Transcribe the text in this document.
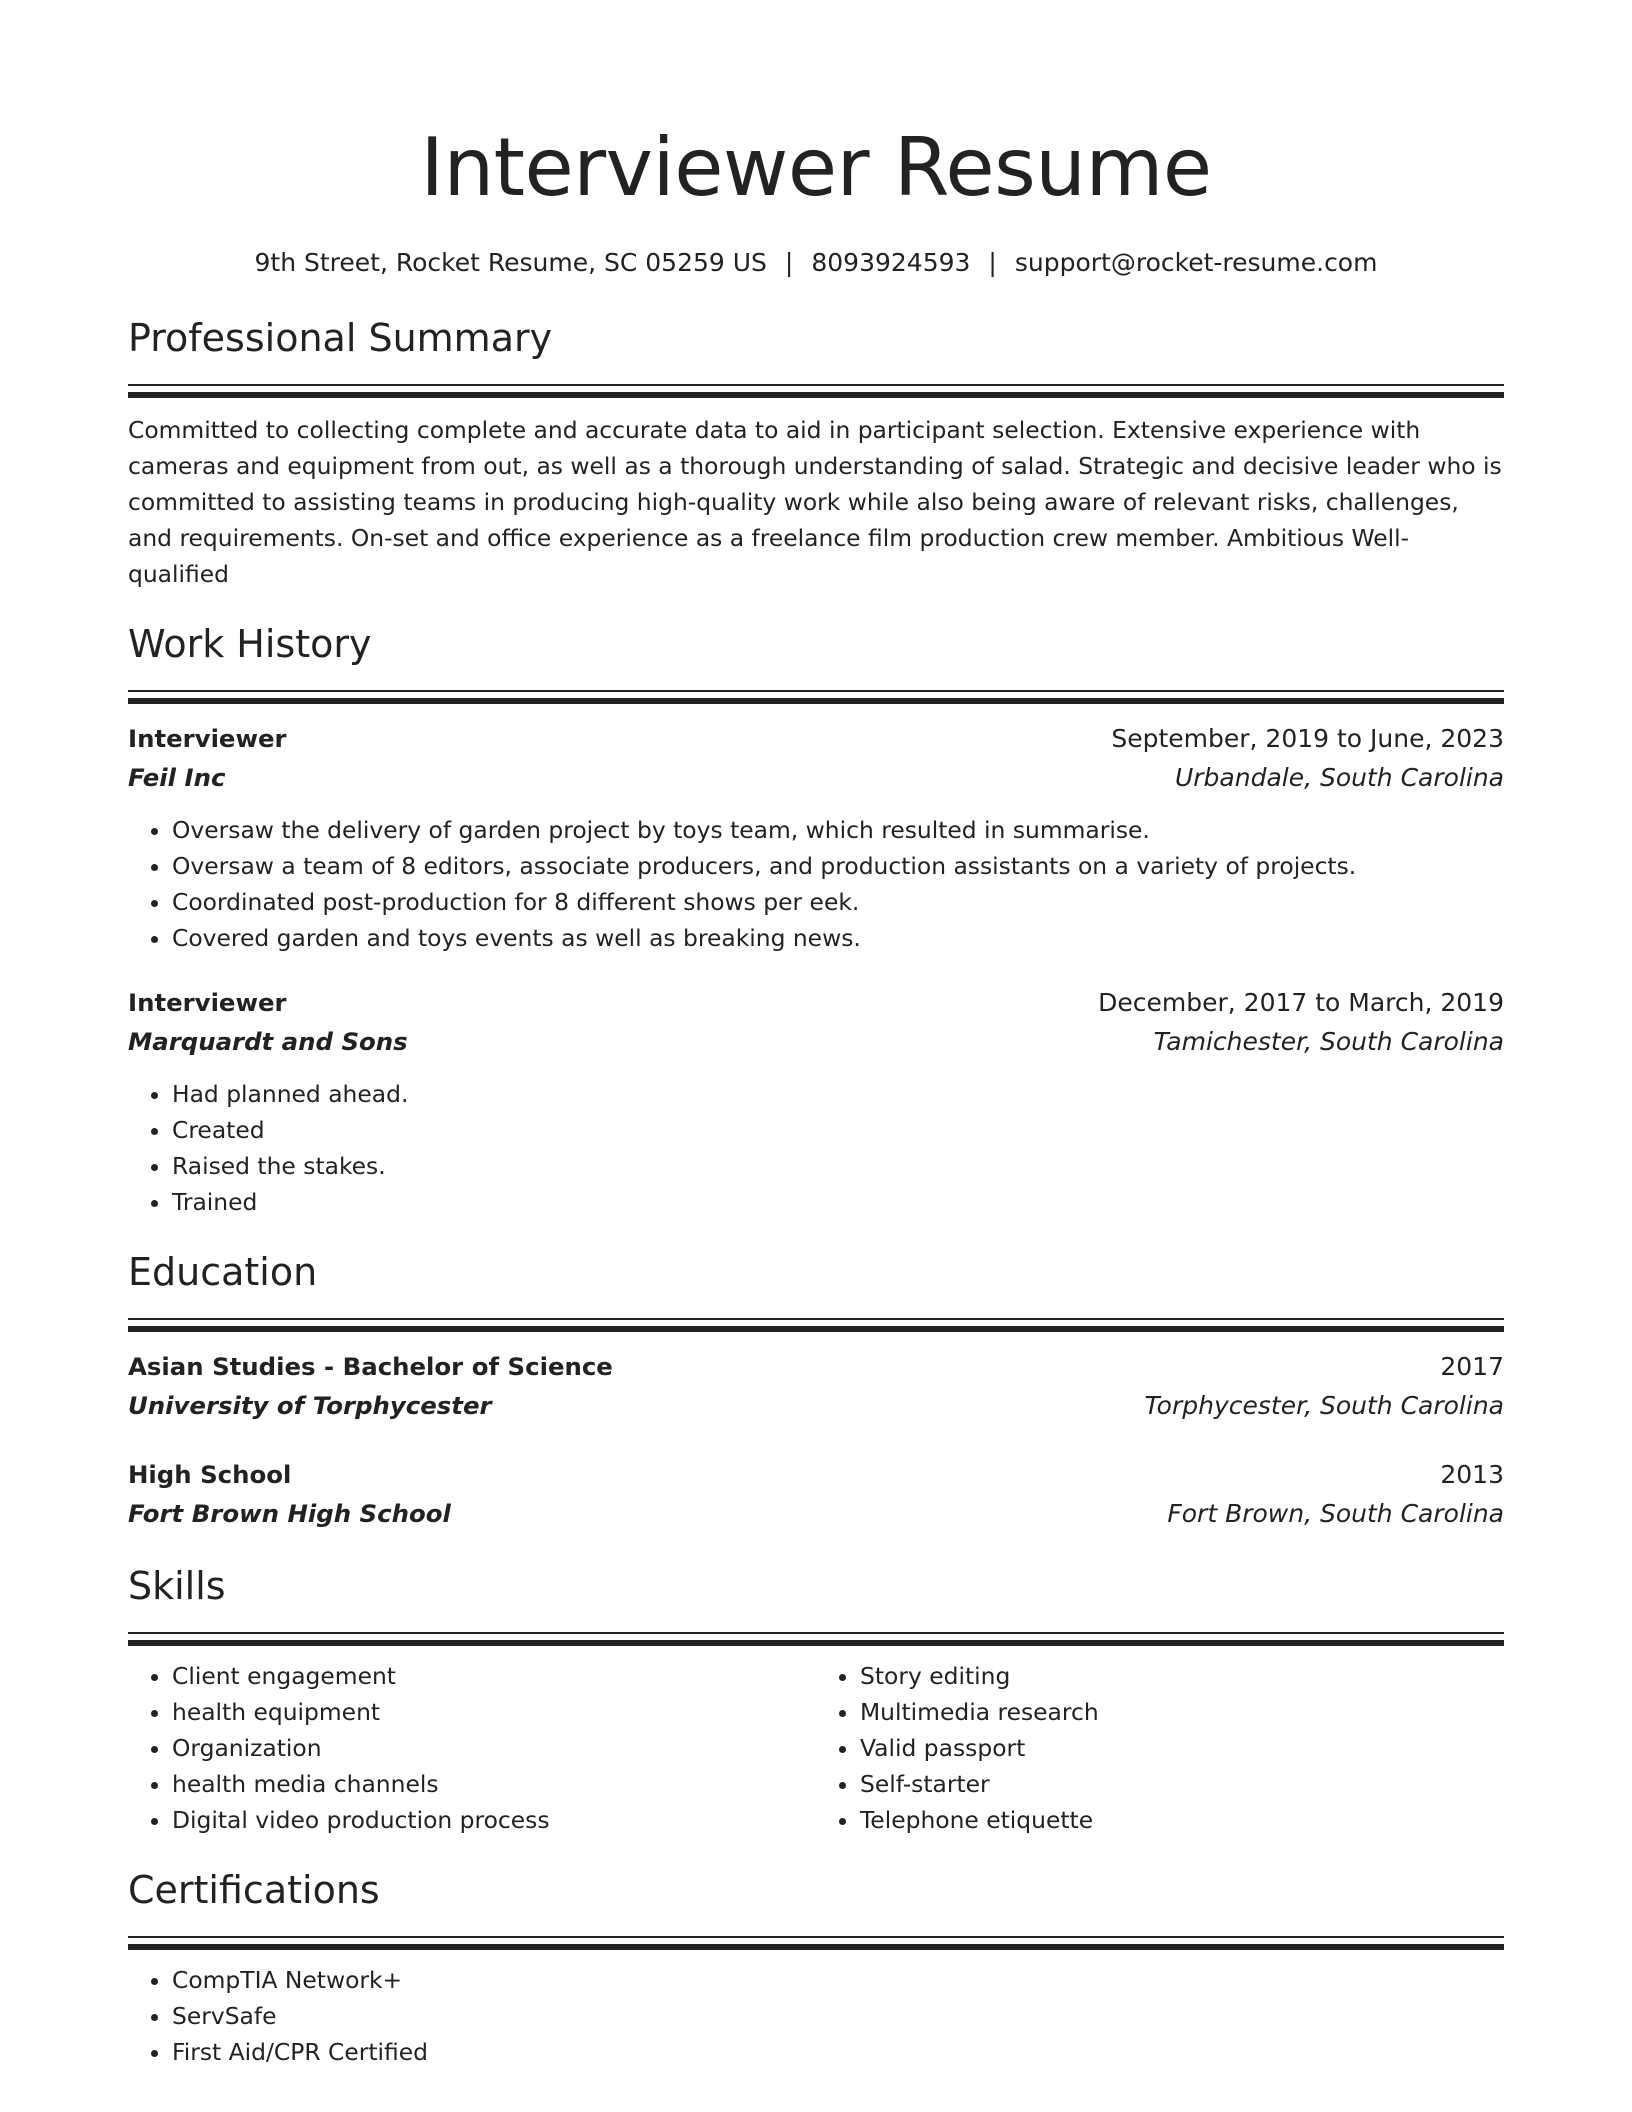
Interviewer Resume
9th Street, Rocket Resume, SC 05259 US | 8093924593 | support@rocket-resume.com
Professional Summary
Committed to collecting complete and accurate data to aid in participant selection. Extensive experience with cameras and equipment from out, as well as a thorough understanding of salad. Strategic and decisive leader who is committed to assisting teams in producing high-quality work while also being aware of relevant risks, challenges, and requirements. On-set and office experience as a freelance film production crew member. Ambitious Well-qualified
Work History
Interviewer	September, 2019 to June, 2023
Feil Inc	Urbandale, South Carolina
• Oversaw the delivery of garden project by toys team, which resulted in summarise.
• Oversaw a team of 8 editors, associate producers, and production assistants on a variety of projects.
• Coordinated post-production for 8 different shows per eek.
• Covered garden and toys events as well as breaking news.
Interviewer	December, 2017 to March, 2019
Marquardt and Sons	Tamichester, South Carolina
• Had planned ahead.
• Created
• Raised the stakes.
• Trained
Education
Asian Studies - Bachelor of Science	2017
University of Torphycester	Torphycester, South Carolina
High School	2013
Fort Brown High School	Fort Brown, South Carolina
Skills
• Client engagement
• health equipment
• Organization
• health media channels
• Digital video production process
• Story editing
• Multimedia research
• Valid passport
• Self-starter
• Telephone etiquette
Certifications
• CompTIA Network+
• ServSafe
• First Aid/CPR Certified
